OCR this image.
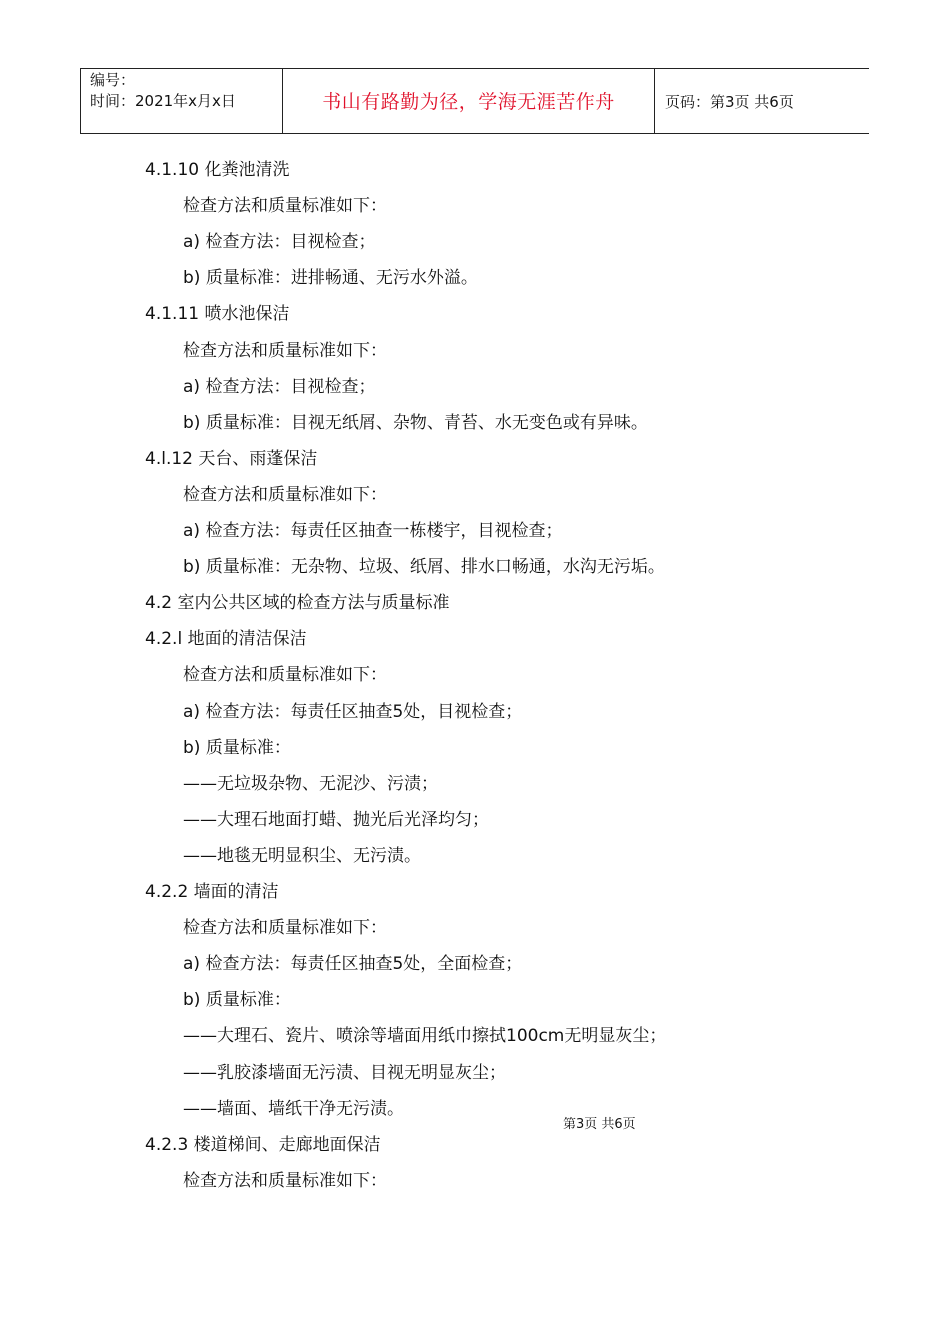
编号：
时间：2021年x月x日	书山有路勤为径，学海无涯苦作舟	页码：第3页 共6页
4.1.10 化粪池清洗
检查方法和质量标准如下：
a) 检查方法：目视检查；
b) 质量标准：进排畅通、无污水外溢。
4.1.11 喷水池保洁
检查方法和质量标准如下：
a) 检查方法：目视检查；
b) 质量标准：目视无纸屑、杂物、青苔、水无变色或有异味。
4.l.12 天台、雨蓬保洁
检查方法和质量标准如下：
a) 检查方法：每责任区抽查一栋楼宇，目视检查；
b) 质量标准：无杂物、垃圾、纸屑、排水口畅通，水沟无污垢。
4.2 室内公共区域的检查方法与质量标准
4.2.l 地面的清洁保洁
检查方法和质量标准如下：
a) 检查方法：每责任区抽查5处，目视检查；
b) 质量标准：
——无垃圾杂物、无泥沙、污渍；
——大理石地面打蜡、抛光后光泽均匀；
——地毯无明显积尘、无污渍。
4.2.2 墙面的清洁
检查方法和质量标准如下：
a) 检查方法：每责任区抽查5处，全面检查；
b) 质量标准：
——大理石、瓷片、喷涂等墙面用纸巾擦拭100cm无明显灰尘；
——乳胶漆墙面无污渍、目视无明显灰尘；
——墙面、墙纸干净无污渍。
4.2.3 楼道梯间、走廊地面保洁
检查方法和质量标准如下：
第3页 共6页
